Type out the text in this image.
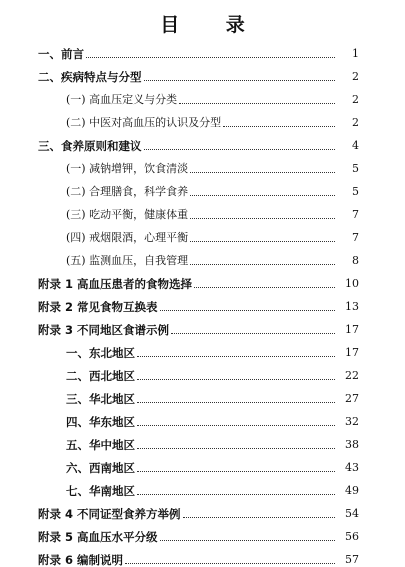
目 录
一、前言	1
二、疾病特点与分型	2
(一) 高血压定义与分类	2
(二) 中医对高血压的认识及分型	2
三、食养原则和建议	4
(一) 减钠增钾，饮食清淡	5
(二) 合理膳食，科学食养	5
(三) 吃动平衡，健康体重	7
(四) 戒烟限酒，心理平衡	7
(五) 监测血压，自我管理	8
附录 1 高血压患者的食物选择	10
附录 2 常见食物互换表	13
附录 3 不同地区食谱示例	17
一、东北地区	17
二、西北地区	22
三、华北地区	27
四、华东地区	32
五、华中地区	38
六、西南地区	43
七、华南地区	49
附录 4 不同证型食养方举例	54
附录 5 高血压水平分级	56
附录 6 编制说明	57
